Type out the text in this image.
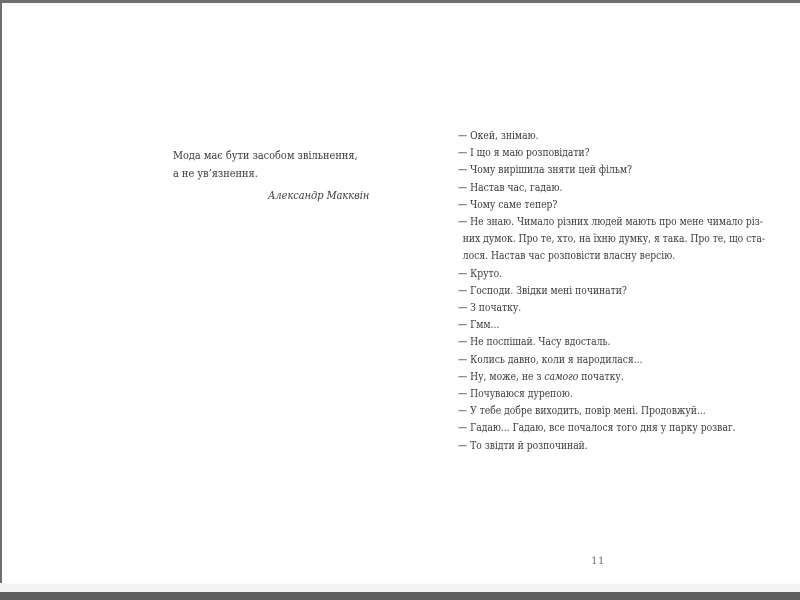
Мода має бути засобом звільнення,
а не ув’язнення.
Александр Макквін
— Окей, знімаю.
— І що я маю розповідати?
— Чому вирішила зняти цей фільм?
— Настав час, гадаю.
— Чому саме тепер?
— Не знаю. Чимало різних людей мають про мене чимало різ-
них думок. Про те, хто, на їхню думку, я така. Про те, що ста-
лося. Настав час розповісти власну версію.
— Круто.
— Господи. Звідки мені починати?
— З початку.
— Гмм...
— Не поспішай. Часу вдосталь.
— Колись давно, коли я народилася...
— Ну, може, не з самого початку.
— Почуваюся дурепою.
— У тебе добре виходить, повір мені. Продовжуй...
— Гадаю... Гадаю, все почалося того дня у парку розваг.
— То звідти й розпочинай.
11
